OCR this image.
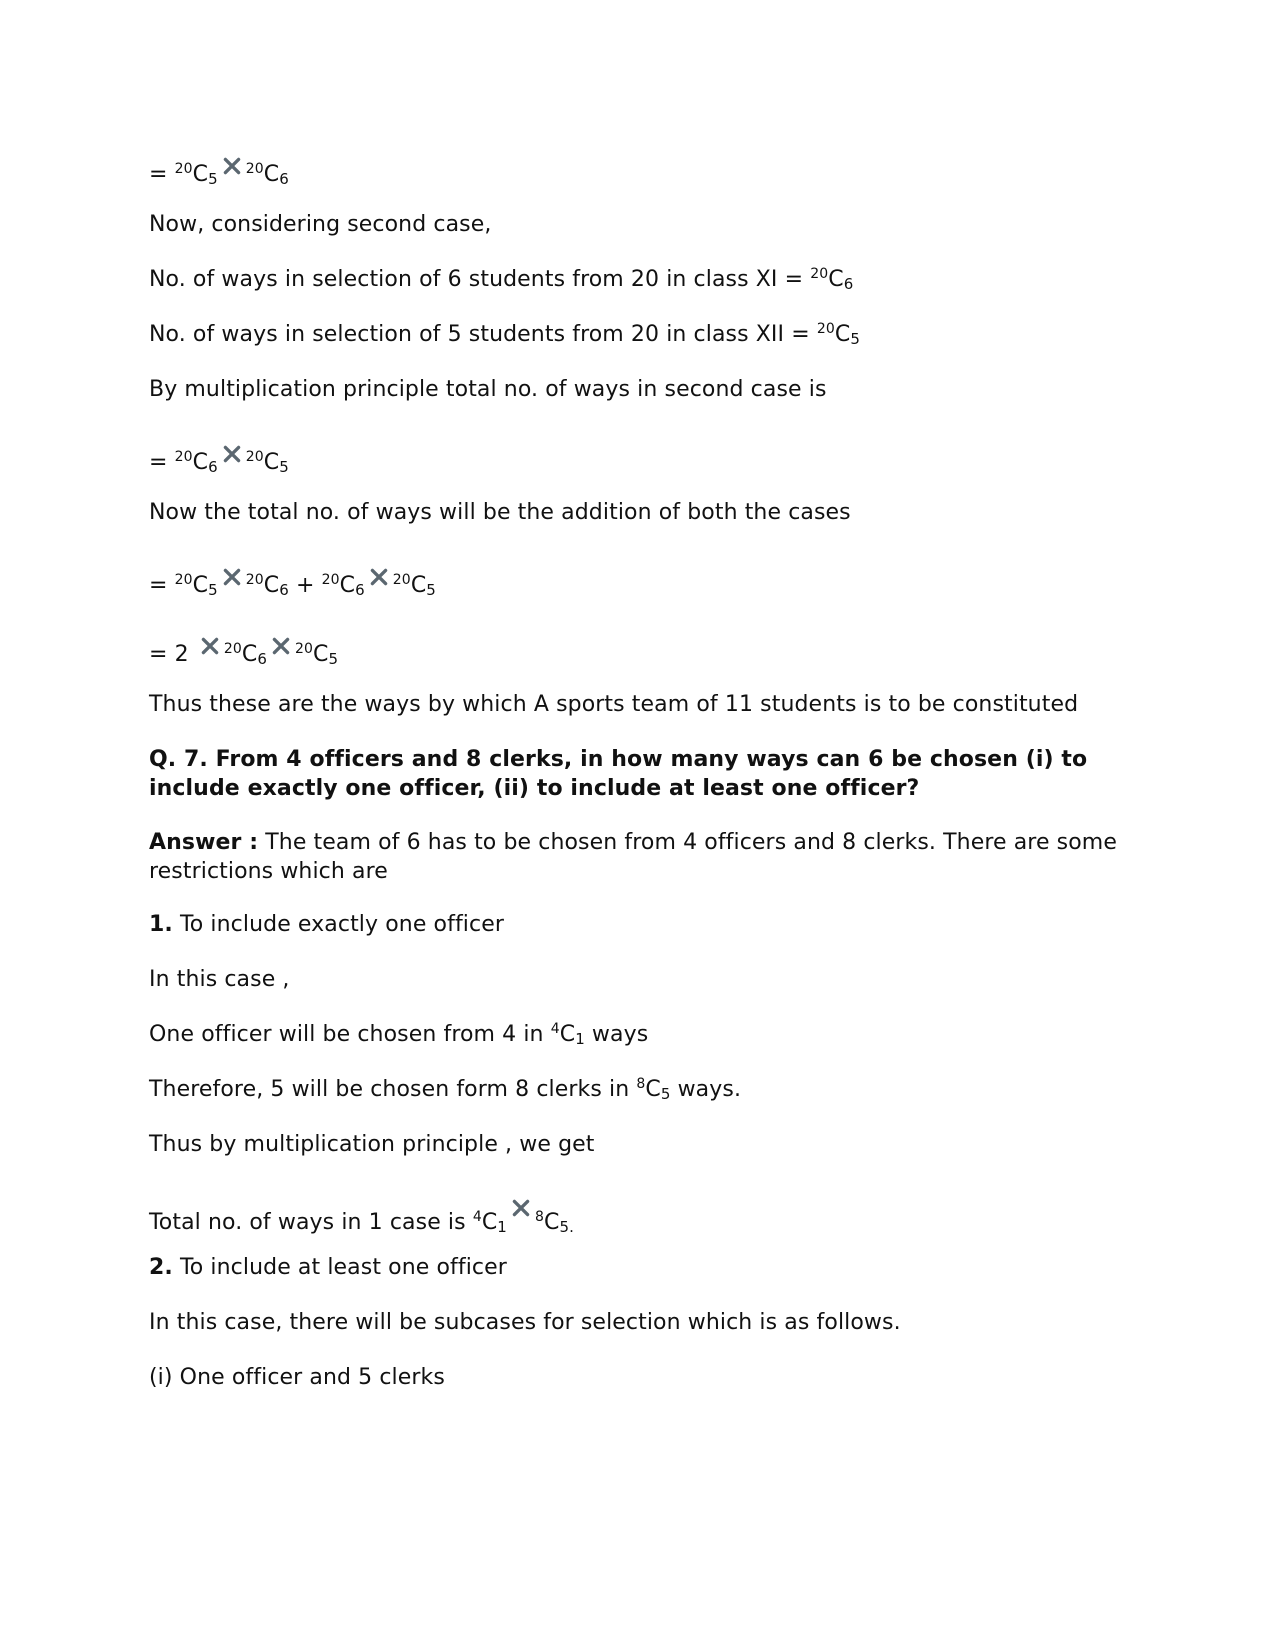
= $^{20}C_5^{20}C_6$
Now, considering second case,
No. of ways in selection of 6 students from 20 in class XI = $^{20}C_6$
No. of ways in selection of 5 students from 20 in class XII = $^{20}C_5$
By multiplication principle total no. of ways in second case is
= $^{20}C_6^{20}C_5$
Now the total no. of ways will be the addition of both the cases
= $^{20}C_5^{20}C_6 + ^{20}C_6^{20}C_5$
= 2 $^{20}C_6^{20}C_5$
Thus these are the ways by which A sports team of 11 students is to be constituted
Q. 7. From 4 officers and 8 clerks, in how many ways can 6 be chosen (i) to include exactly one officer, (ii) to include at least one officer?
Answer : The team of 6 has to be chosen from 4 officers and 8 clerks. There are some restrictions which are
1. To include exactly one officer
In this case ,
One officer will be chosen from 4 in $^4C_1$ ways
Therefore, 5 will be chosen form 8 clerks in $^8C_5$ ways.
Thus by multiplication principle , we get
Total no. of ways in 1 case is $^4C_1^8C_{5.}$
2. To include at least one officer
In this case, there will be subcases for selection which is as follows.
(i) One officer and 5 clerks
